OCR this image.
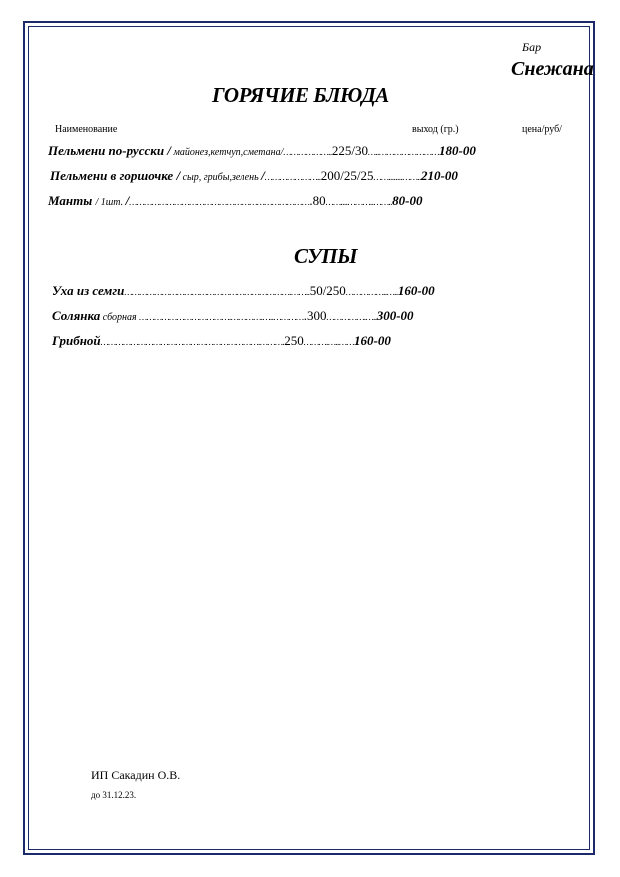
Бар
Снежана
ГОРЯЧИЕ БЛЮДА
Наименование	выход (гр.)	цена/руб/
Пельмени по-русски / майонез,кетчуп,сметана/………………..225/30…..……………………180-00
Пельмени в горшочке / сыр, грибы,зелень /…………………..200/25/25……........……..210-00
Манты / 1шт. /……………………………………………………………….80……....………..……..80-00
СУПЫ
Уха из семги………………………………………………………….……..50/250……………..…..160-00
Солянка сборная ……………………………….………….…..………….300…………….…..300-00
Грибной……………………………………………………….……….250……….…..……160-00
ИП Сакадин О.В.
до 31.12.23.
